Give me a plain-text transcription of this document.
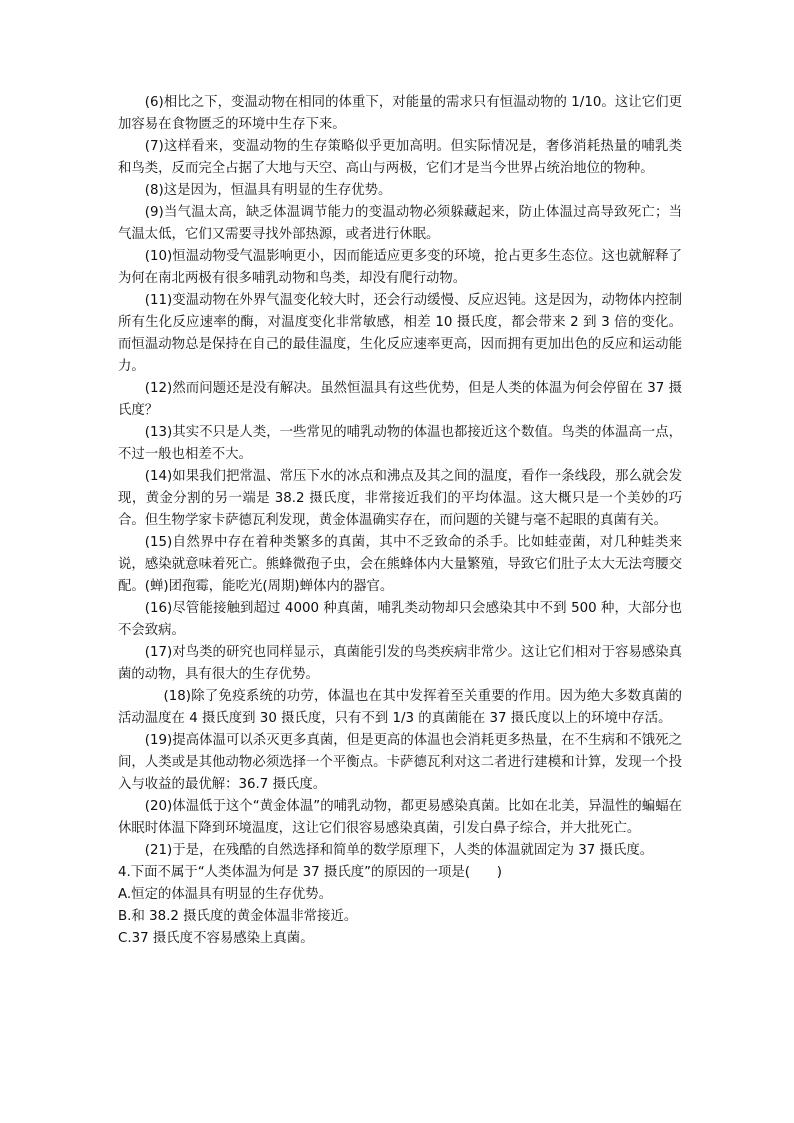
(6)相比之下，变温动物在相同的体重下，对能量的需求只有恒温动物的 1/10。这让它们更加容易在食物匮乏的环境中生存下来。

(7)这样看来，变温动物的生存策略似乎更加高明。但实际情况是，奢侈消耗热量的哺乳类和鸟类，反而完全占据了大地与天空、高山与两极，它们才是当今世界占统治地位的物种。

(8)这是因为，恒温具有明显的生存优势。

(9)当气温太高，缺乏体温调节能力的变温动物必须躲藏起来，防止体温过高导致死亡；当气温太低，它们又需要寻找外部热源，或者进行休眠。

(10)恒温动物受气温影响更小，因而能适应更多变的环境，抢占更多生态位。这也就解释了为何在南北两极有很多哺乳动物和鸟类，却没有爬行动物。

(11)变温动物在外界气温变化较大时，还会行动缓慢、反应迟钝。这是因为，动物体内控制所有生化反应速率的酶，对温度变化非常敏感，相差 10 摄氏度，都会带来 2 到 3 倍的变化。而恒温动物总是保持在自己的最佳温度，生化反应速率更高，因而拥有更加出色的反应和运动能力。

(12)然而问题还是没有解决。虽然恒温具有这些优势，但是人类的体温为何会停留在 37 摄氏度？

(13)其实不只是人类，一些常见的哺乳动物的体温也都接近这个数值。鸟类的体温高一点，不过一般也相差不大。

(14)如果我们把常温、常压下水的冰点和沸点及其之间的温度，看作一条线段，那么就会发现，黄金分割的另一端是 38.2 摄氏度，非常接近我们的平均体温。这大概只是一个美妙的巧合。但生物学家卡萨德瓦利发现，黄金体温确实存在，而问题的关键与毫不起眼的真菌有关。

(15)自然界中存在着种类繁多的真菌，其中不乏致命的杀手。比如蛙壶菌，对几种蛙类来说，感染就意味着死亡。熊蜂微孢子虫，会在熊蜂体内大量繁殖，导致它们肚子太大无法弯腰交配。(蝉)团孢霉，能吃光(周期)蝉体内的器官。

(16)尽管能接触到超过 4000 种真菌，哺乳类动物却只会感染其中不到 500 种，大部分也不会致病。

(17)对鸟类的研究也同样显示，真菌能引发的鸟类疾病非常少。这让它们相对于容易感染真菌的动物，具有很大的生存优势。

(18)除了免疫系统的功劳，体温也在其中发挥着至关重要的作用。因为绝大多数真菌的活动温度在 4 摄氏度到 30 摄氏度，只有不到 1/3 的真菌能在 37 摄氏度以上的环境中存活。

(19)提高体温可以杀灭更多真菌，但是更高的体温也会消耗更多热量，在不生病和不饿死之间，人类或是其他动物必须选择一个平衡点。卡萨德瓦利对这二者进行建模和计算，发现一个投入与收益的最优解：36.7 摄氏度。

(20)体温低于这个“黄金体温”的哺乳动物，都更易感染真菌。比如在北美，异温性的蝙蝠在休眠时体温下降到环境温度，这让它们很容易感染真菌，引发白鼻子综合，并大批死亡。

(21)于是，在残酷的自然选择和简单的数学原理下，人类的体温就固定为 37 摄氏度。

4.下面不属于“人类体温为何是 37 摄氏度”的原因的一项是(　　)

A.恒定的体温具有明显的生存优势。

B.和 38.2 摄氏度的黄金体温非常接近。

C.37 摄氏度不容易感染上真菌。
